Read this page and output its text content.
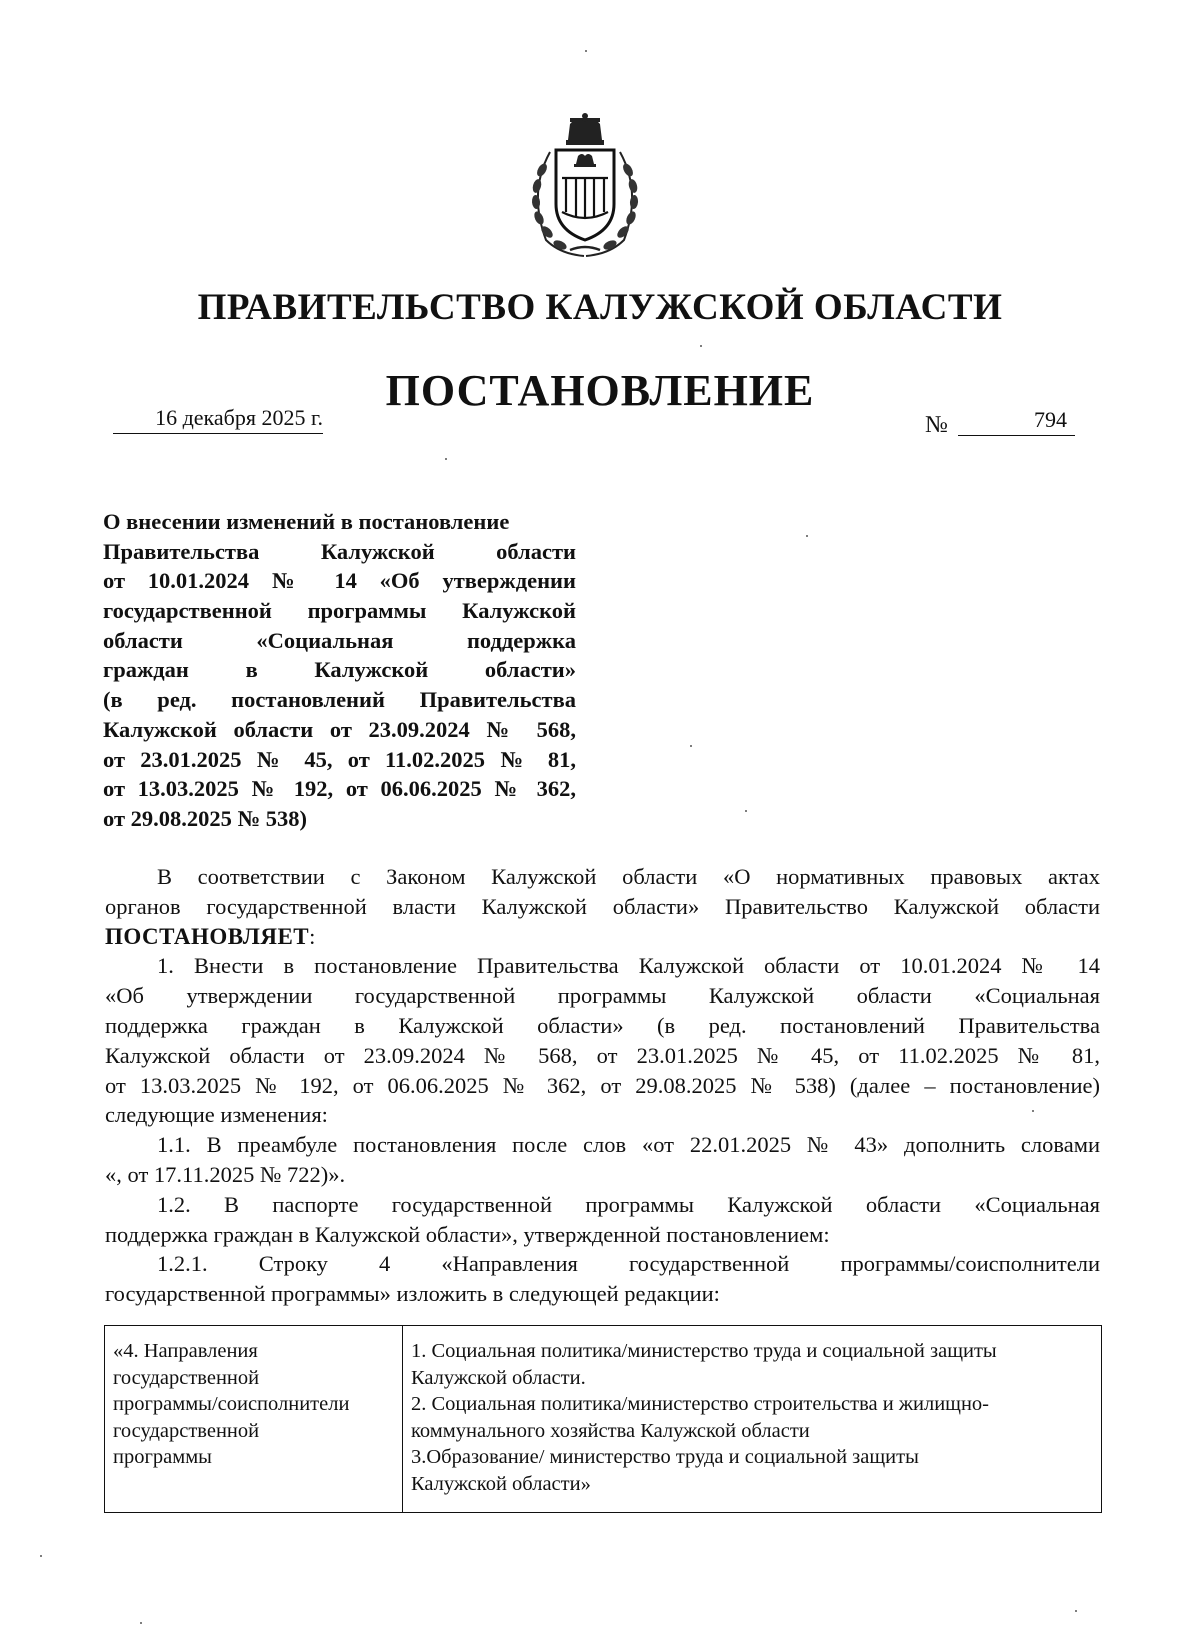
ПРАВИТЕЛЬСТВО КАЛУЖСКОЙ ОБЛАСТИ
ПОСТАНОВЛЕНИЕ
16 декабря 2025 г.	№	794
О внесении изменений в постановление
Правительства Калужской области
от 10.01.2024 № 14 «Об утверждении
государственной программы Калужской
области «Социальная поддержка
граждан в Калужской области»
(в ред. постановлений Правительства
Калужской области от 23.09.2024 № 568,
от 23.01.2025 № 45, от 11.02.2025 № 81,
от 13.03.2025 № 192, от 06.06.2025 № 362,
от 29.08.2025 № 538)
В соответствии с Законом Калужской области «О нормативных правовых актах
органов государственной власти Калужской области» Правительство Калужской области
ПОСТАНОВЛЯЕТ:
1. Внести в постановление Правительства Калужской области от 10.01.2024 № 14
«Об утверждении государственной программы Калужской области «Социальная
поддержка граждан в Калужской области» (в ред. постановлений Правительства
Калужской области от 23.09.2024 № 568, от 23.01.2025 № 45, от 11.02.2025 № 81,
от 13.03.2025 № 192, от 06.06.2025 № 362, от 29.08.2025 № 538) (далее – постановление)
следующие изменения:
1.1. В преамбуле постановления после слов «от 22.01.2025 № 43» дополнить словами
«, от 17.11.2025 № 722)».
1.2. В паспорте государственной программы Калужской области «Социальная
поддержка граждан в Калужской области», утвержденной постановлением:
1.2.1. Строку 4 «Направления государственной программы/соисполнители
государственной программы» изложить в следующей редакции:
«4. Направления
государственной
программы/соисполнители
государственной
программы
1. Социальная политика/министерство труда и социальной защиты
Калужской области.
2. Социальная политика/министерство строительства и жилищно-
коммунального хозяйства Калужской области
3.Образование/ министерство труда и социальной защиты
Калужской области»
